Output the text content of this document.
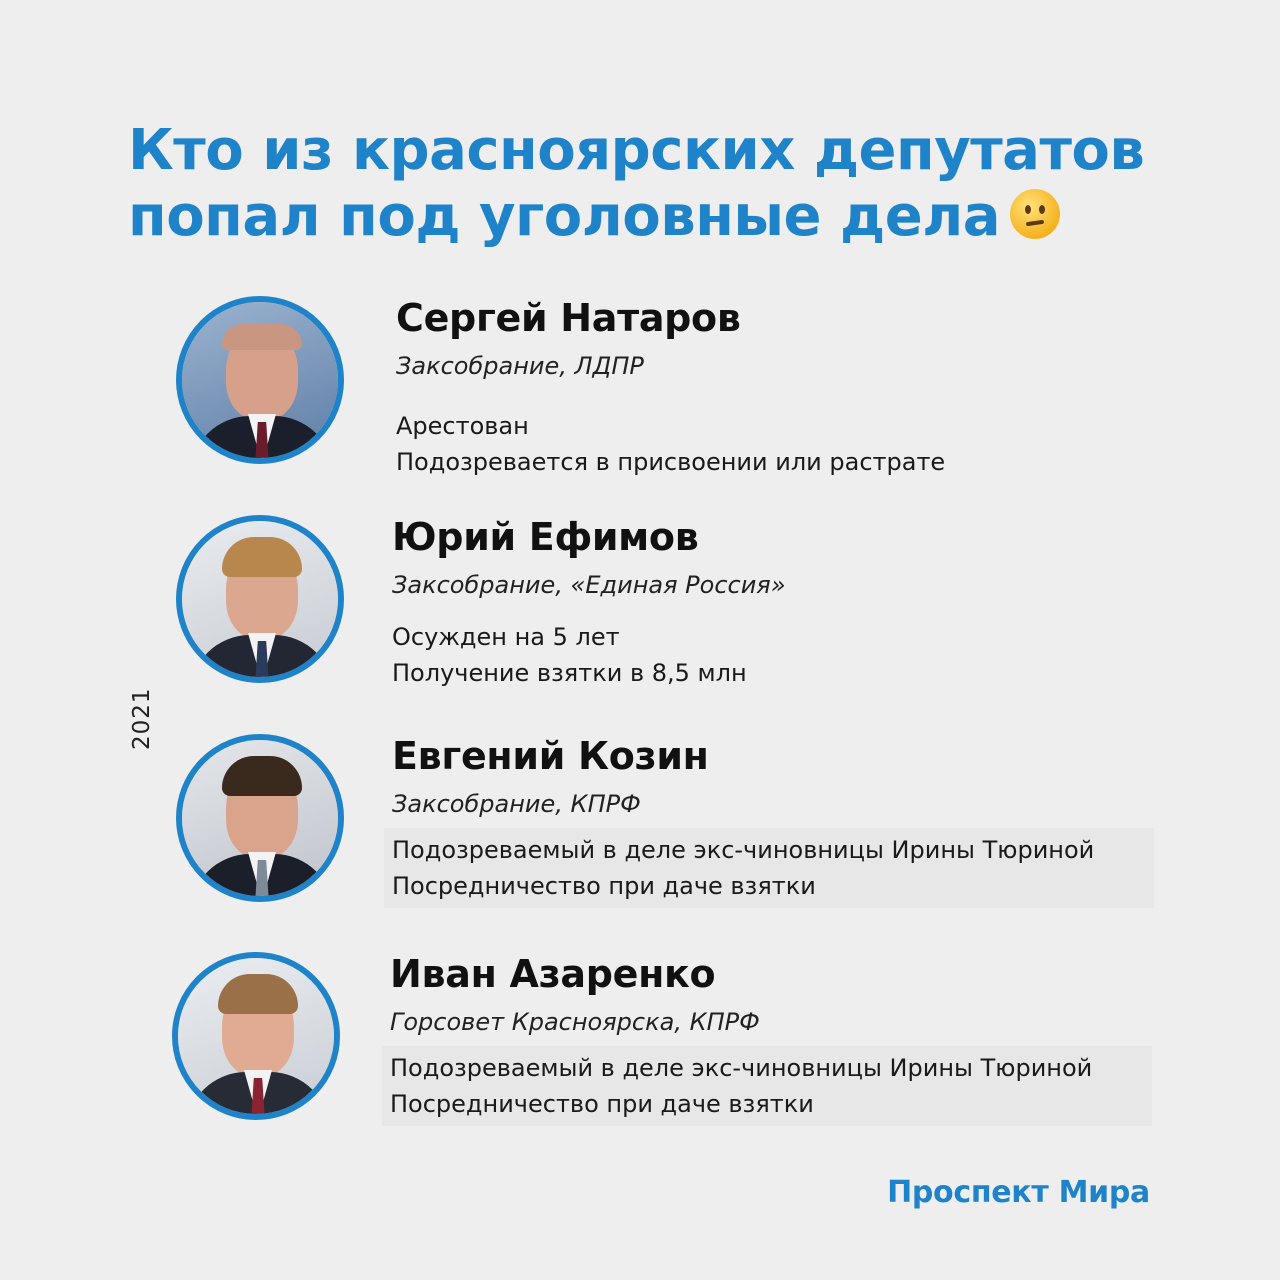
Кто из красноярских депутатов
попал под уголовные дела
2021
Сергей Натаров
Заксобрание, ЛДПР
Арестован
Подозревается в присвоении или растрате
Юрий Ефимов
Заксобрание, «Единая Россия»
Осужден на 5 лет
Получение взятки в 8,5 млн
Евгений Козин
Заксобрание, КПРФ
Подозреваемый в деле экс-чиновницы Ирины Тюриной
Посредничество при даче взятки
Иван Азаренко
Горсовет Красноярска, КПРФ
Подозреваемый в деле экс-чиновницы Ирины Тюриной
Посредничество при даче взятки
Проспект Мира
